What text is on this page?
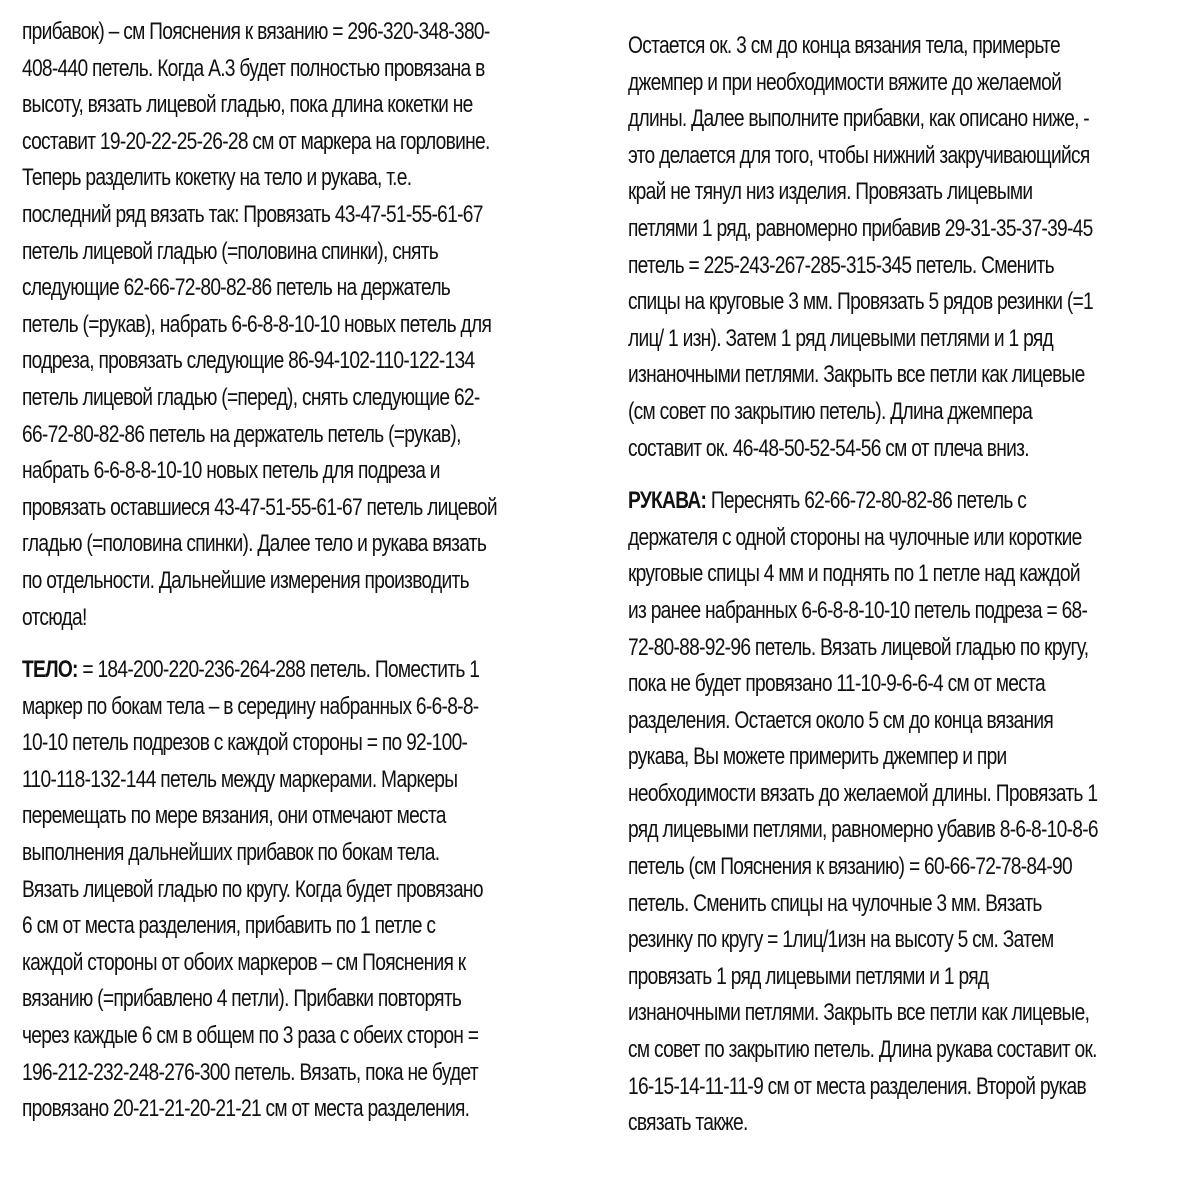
прибавок) – см Пояснения к вязанию = 296-320-348-380-
408-440 петель. Когда А.3 будет полностью провязана в
высоту, вязать лицевой гладью, пока длина кокетки не
составит 19-20-22-25-26-28 см от маркера на горловине.
Теперь разделить кокетку на тело и рукава, т.е.
последний ряд вязать так: Провязать 43-47-51-55-61-67
петель лицевой гладью (=половина спинки), снять
следующие 62-66-72-80-82-86 петель на держатель
петель (=рукав), набрать 6-6-8-8-10-10 новых петель для
подреза, провязать следующие 86-94-102-110-122-134
петель лицевой гладью (=перед), снять следующие 62-
66-72-80-82-86 петель на держатель петель (=рукав),
набрать 6-6-8-8-10-10 новых петель для подреза и
провязать оставшиеся 43-47-51-55-61-67 петель лицевой
гладью (=половина спинки). Далее тело и рукава вязать
по отдельности. Дальнейшие измерения производить
отсюда!
ТЕЛО: = 184-200-220-236-264-288 петель. Поместить 1
маркер по бокам тела – в середину набранных 6-6-8-8-
10-10 петель подрезов с каждой стороны = по 92-100-
110-118-132-144 петель между маркерами. Маркеры
перемещать по мере вязания, они отмечают места
выполнения дальнейших прибавок по бокам тела.
Вязать лицевой гладью по кругу. Когда будет провязано
6 см от места разделения, прибавить по 1 петле с
каждой стороны от обоих маркеров – см Пояснения к
вязанию (=прибавлено 4 петли). Прибавки повторять
через каждые 6 см в общем по 3 раза с обеих сторон =
196-212-232-248-276-300 петель. Вязать, пока не будет
провязано 20-21-21-20-21-21 см от места разделения.
Остается ок. 3 см до конца вязания тела, примерьте
джемпер и при необходимости вяжите до желаемой
длины. Далее выполните прибавки, как описано ниже, -
это делается для того, чтобы нижний закручивающийся
край не тянул низ изделия. Провязать лицевыми
петлями 1 ряд, равномерно прибавив 29-31-35-37-39-45
петель = 225-243-267-285-315-345 петель. Сменить
спицы на круговые 3 мм. Провязать 5 рядов резинки (=1
лиц/ 1 изн). Затем 1 ряд лицевыми петлями и 1 ряд
изнаночными петлями. Закрыть все петли как лицевые
(см совет по закрытию петель). Длина джемпера
составит ок. 46-48-50-52-54-56 см от плеча вниз.
РУКАВА: Переснять 62-66-72-80-82-86 петель с
держателя с одной стороны на чулочные или короткие
круговые спицы 4 мм и поднять по 1 петле над каждой
из ранее набранных 6-6-8-8-10-10 петель подреза = 68-
72-80-88-92-96 петель. Вязать лицевой гладью по кругу,
пока не будет провязано 11-10-9-6-6-4 см от места
разделения. Остается около 5 см до конца вязания
рукава, Вы можете примерить джемпер и при
необходимости вязать до желаемой длины. Провязать 1
ряд лицевыми петлями, равномерно убавив 8-6-8-10-8-6
петель (см Пояснения к вязанию) = 60-66-72-78-84-90
петель. Сменить спицы на чулочные 3 мм. Вязать
резинку по кругу = 1лиц/1изн на высоту 5 см. Затем
провязать 1 ряд лицевыми петлями и 1 ряд
изнаночными петлями. Закрыть все петли как лицевые,
см совет по закрытию петель. Длина рукава составит ок.
16-15-14-11-11-9 см от места разделения. Второй рукав
связать также.
